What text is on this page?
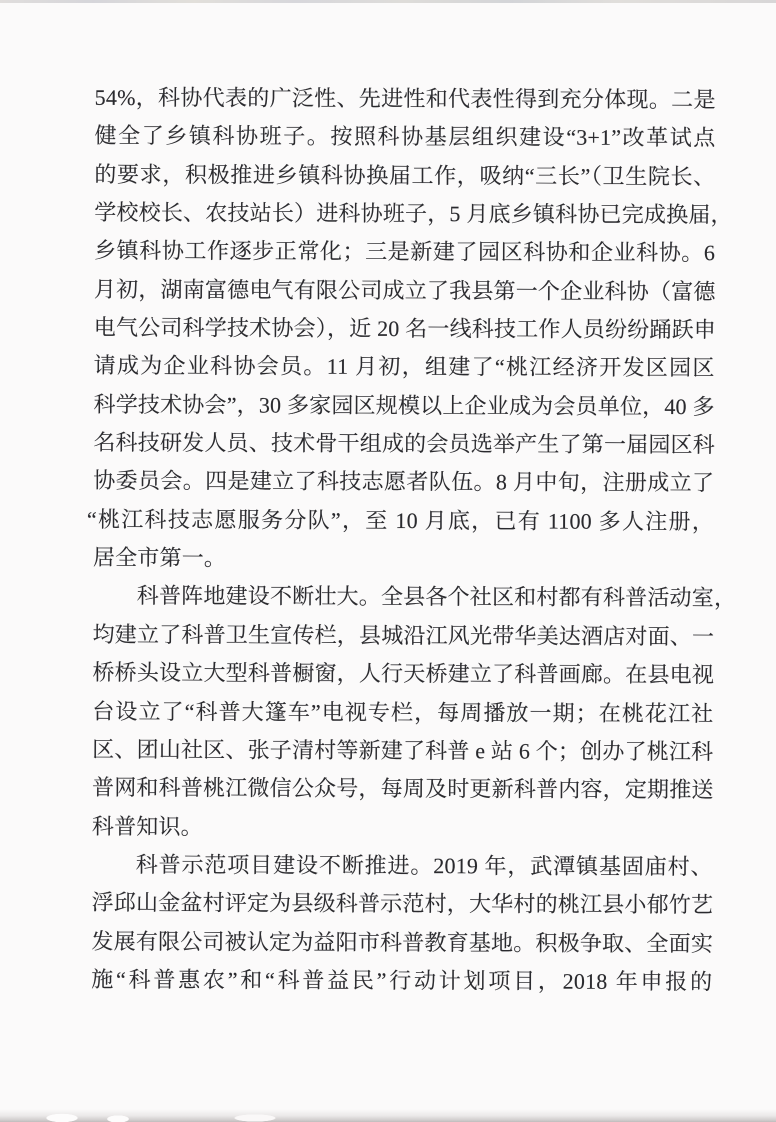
54%，科协代表的广泛性、先进性和代表性得到充分体现。二是

健全了乡镇科协班子。按照科协基层组织建设“3+1”改革试点

的要求，积极推进乡镇科协换届工作，吸纳“三长”（卫生院长、

学校校长、农技站长）进科协班子，5 月底乡镇科协已完成换届，

乡镇科协工作逐步正常化；三是新建了园区科协和企业科协。6

月初，湖南富德电气有限公司成立了我县第一个企业科协（富德

电气公司科学技术协会），近 20 名一线科技工作人员纷纷踊跃申

请成为企业科协会员。11 月初，组建了“桃江经济开发区园区

科学技术协会”，30 多家园区规模以上企业成为会员单位，40 多

名科技研发人员、技术骨干组成的会员选举产生了第一届园区科

协委员会。四是建立了科技志愿者队伍。8 月中旬，注册成立了

“桃江科技志愿服务分队”，至 10 月底，已有 1100 多人注册，

居全市第一。

科普阵地建设不断壮大。全县各个社区和村都有科普活动室，

均建立了科普卫生宣传栏，县城沿江风光带华美达酒店对面、一

桥桥头设立大型科普橱窗，人行天桥建立了科普画廊。在县电视

台设立了“科普大篷车”电视专栏，每周播放一期；在桃花江社

区、团山社区、张子清村等新建了科普 e 站 6 个；创办了桃江科

普网和科普桃江微信公众号，每周及时更新科普内容，定期推送

科普知识。

科普示范项目建设不断推进。2019 年，武潭镇基固庙村、

浮邱山金盆村评定为县级科普示范村，大华村的桃江县小郁竹艺

发展有限公司被认定为益阳市科普教育基地。积极争取、全面实

施“科普惠农”和“科普益民”行动计划项目，2018 年申报的
